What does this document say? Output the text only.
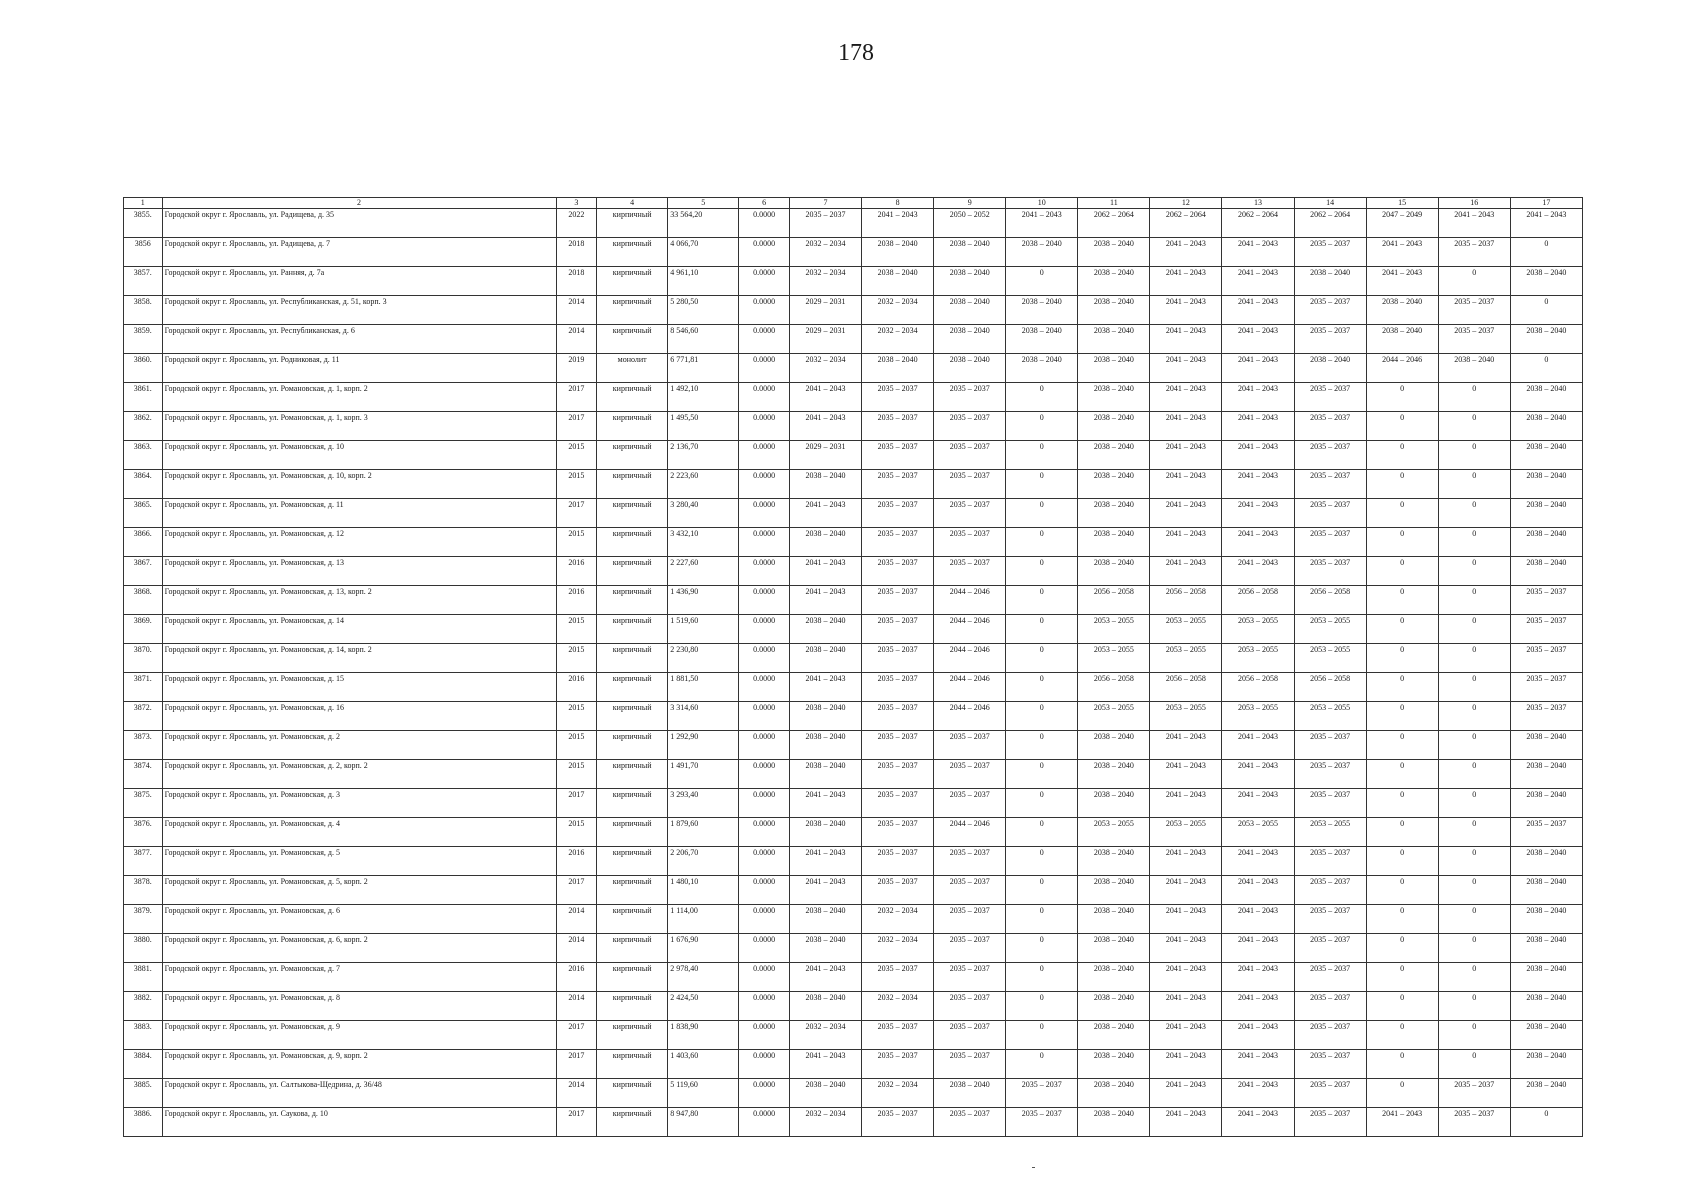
178
1	2	3	4	5	6	7	8	9	10	11	12	13	14	15	16	17
3855.	Городской округ г. Ярославль, ул. Радищева, д. 35	2022	кирпичный	33 564,20	0.0000	2035 – 2037	2041 – 2043	2050 – 2052	2041 – 2043	2062 – 2064	2062 – 2064	2062 – 2064	2062 – 2064	2047 – 2049	2041 – 2043	2041 – 2043
3856	Городской округ г. Ярославль, ул. Радищева, д. 7	2018	кирпичный	4 066,70	0.0000	2032 – 2034	2038 – 2040	2038 – 2040	2038 – 2040	2038 – 2040	2041 – 2043	2041 – 2043	2035 – 2037	2041 – 2043	2035 – 2037	0
3857.	Городской округ г. Ярославль, ул. Ранняя, д. 7а	2018	кирпичный	4 961,10	0.0000	2032 – 2034	2038 – 2040	2038 – 2040	0	2038 – 2040	2041 – 2043	2041 – 2043	2038 – 2040	2041 – 2043	0	2038 – 2040
3858.	Городской округ г. Ярославль, ул. Республиканская, д. 51, корп. 3	2014	кирпичный	5 280,50	0.0000	2029 – 2031	2032 – 2034	2038 – 2040	2038 – 2040	2038 – 2040	2041 – 2043	2041 – 2043	2035 – 2037	2038 – 2040	2035 – 2037	0
3859.	Городской округ г. Ярославль, ул. Республиканская, д. 6	2014	кирпичный	8 546,60	0.0000	2029 – 2031	2032 – 2034	2038 – 2040	2038 – 2040	2038 – 2040	2041 – 2043	2041 – 2043	2035 – 2037	2038 – 2040	2035 – 2037	2038 – 2040
3860.	Городской округ г. Ярославль, ул. Родниковая, д. 11	2019	монолит	6 771,81	0.0000	2032 – 2034	2038 – 2040	2038 – 2040	2038 – 2040	2038 – 2040	2041 – 2043	2041 – 2043	2038 – 2040	2044 – 2046	2038 – 2040	0
3861.	Городской округ г. Ярославль, ул. Романовская, д. 1, корп. 2	2017	кирпичный	1 492,10	0.0000	2041 – 2043	2035 – 2037	2035 – 2037	0	2038 – 2040	2041 – 2043	2041 – 2043	2035 – 2037	0	0	2038 – 2040
3862.	Городской округ г. Ярославль, ул. Романовская, д. 1, корп. 3	2017	кирпичный	1 495,50	0.0000	2041 – 2043	2035 – 2037	2035 – 2037	0	2038 – 2040	2041 – 2043	2041 – 2043	2035 – 2037	0	0	2038 – 2040
3863.	Городской округ г. Ярославль, ул. Романовская, д. 10	2015	кирпичный	2 136,70	0.0000	2029 – 2031	2035 – 2037	2035 – 2037	0	2038 – 2040	2041 – 2043	2041 – 2043	2035 – 2037	0	0	2038 – 2040
3864.	Городской округ г. Ярославль, ул. Романовская, д. 10, корп. 2	2015	кирпичный	2 223,60	0.0000	2038 – 2040	2035 – 2037	2035 – 2037	0	2038 – 2040	2041 – 2043	2041 – 2043	2035 – 2037	0	0	2038 – 2040
3865.	Городской округ г. Ярославль, ул. Романовская, д. 11	2017	кирпичный	3 280,40	0.0000	2041 – 2043	2035 – 2037	2035 – 2037	0	2038 – 2040	2041 – 2043	2041 – 2043	2035 – 2037	0	0	2038 – 2040
3866.	Городской округ г. Ярославль, ул. Романовская, д. 12	2015	кирпичный	3 432,10	0.0000	2038 – 2040	2035 – 2037	2035 – 2037	0	2038 – 2040	2041 – 2043	2041 – 2043	2035 – 2037	0	0	2038 – 2040
3867.	Городской округ г. Ярославль, ул. Романовская, д. 13	2016	кирпичный	2 227,60	0.0000	2041 – 2043	2035 – 2037	2035 – 2037	0	2038 – 2040	2041 – 2043	2041 – 2043	2035 – 2037	0	0	2038 – 2040
3868.	Городской округ г. Ярославль, ул. Романовская, д. 13, корп. 2	2016	кирпичный	1 436,90	0.0000	2041 – 2043	2035 – 2037	2044 – 2046	0	2056 – 2058	2056 – 2058	2056 – 2058	2056 – 2058	0	0	2035 – 2037
3869.	Городской округ г. Ярославль, ул. Романовская, д. 14	2015	кирпичный	1 519,60	0.0000	2038 – 2040	2035 – 2037	2044 – 2046	0	2053 – 2055	2053 – 2055	2053 – 2055	2053 – 2055	0	0	2035 – 2037
3870.	Городской округ г. Ярославль, ул. Романовская, д. 14, корп. 2	2015	кирпичный	2 230,80	0.0000	2038 – 2040	2035 – 2037	2044 – 2046	0	2053 – 2055	2053 – 2055	2053 – 2055	2053 – 2055	0	0	2035 – 2037
3871.	Городской округ г. Ярославль, ул. Романовская, д. 15	2016	кирпичный	1 881,50	0.0000	2041 – 2043	2035 – 2037	2044 – 2046	0	2056 – 2058	2056 – 2058	2056 – 2058	2056 – 2058	0	0	2035 – 2037
3872.	Городской округ г. Ярославль, ул. Романовская, д. 16	2015	кирпичный	3 314,60	0.0000	2038 – 2040	2035 – 2037	2044 – 2046	0	2053 – 2055	2053 – 2055	2053 – 2055	2053 – 2055	0	0	2035 – 2037
3873.	Городской округ г. Ярославль, ул. Романовская, д. 2	2015	кирпичный	1 292,90	0.0000	2038 – 2040	2035 – 2037	2035 – 2037	0	2038 – 2040	2041 – 2043	2041 – 2043	2035 – 2037	0	0	2038 – 2040
3874.	Городской округ г. Ярославль, ул. Романовская, д. 2, корп. 2	2015	кирпичный	1 491,70	0.0000	2038 – 2040	2035 – 2037	2035 – 2037	0	2038 – 2040	2041 – 2043	2041 – 2043	2035 – 2037	0	0	2038 – 2040
3875.	Городской округ г. Ярославль, ул. Романовская, д. 3	2017	кирпичный	3 293,40	0.0000	2041 – 2043	2035 – 2037	2035 – 2037	0	2038 – 2040	2041 – 2043	2041 – 2043	2035 – 2037	0	0	2038 – 2040
3876.	Городской округ г. Ярославль, ул. Романовская, д. 4	2015	кирпичный	1 879,60	0.0000	2038 – 2040	2035 – 2037	2044 – 2046	0	2053 – 2055	2053 – 2055	2053 – 2055	2053 – 2055	0	0	2035 – 2037
3877.	Городской округ г. Ярославль, ул. Романовская, д. 5	2016	кирпичный	2 206,70	0.0000	2041 – 2043	2035 – 2037	2035 – 2037	0	2038 – 2040	2041 – 2043	2041 – 2043	2035 – 2037	0	0	2038 – 2040
3878.	Городской округ г. Ярославль, ул. Романовская, д. 5, корп. 2	2017	кирпичный	1 480,10	0.0000	2041 – 2043	2035 – 2037	2035 – 2037	0	2038 – 2040	2041 – 2043	2041 – 2043	2035 – 2037	0	0	2038 – 2040
3879.	Городской округ г. Ярославль, ул. Романовская, д. 6	2014	кирпичный	1 114,00	0.0000	2038 – 2040	2032 – 2034	2035 – 2037	0	2038 – 2040	2041 – 2043	2041 – 2043	2035 – 2037	0	0	2038 – 2040
3880.	Городской округ г. Ярославль, ул. Романовская, д. 6, корп. 2	2014	кирпичный	1 676,90	0.0000	2038 – 2040	2032 – 2034	2035 – 2037	0	2038 – 2040	2041 – 2043	2041 – 2043	2035 – 2037	0	0	2038 – 2040
3881.	Городской округ г. Ярославль, ул. Романовская, д. 7	2016	кирпичный	2 978,40	0.0000	2041 – 2043	2035 – 2037	2035 – 2037	0	2038 – 2040	2041 – 2043	2041 – 2043	2035 – 2037	0	0	2038 – 2040
3882.	Городской округ г. Ярославль, ул. Романовская, д. 8	2014	кирпичный	2 424,50	0.0000	2038 – 2040	2032 – 2034	2035 – 2037	0	2038 – 2040	2041 – 2043	2041 – 2043	2035 – 2037	0	0	2038 – 2040
3883.	Городской округ г. Ярославль, ул. Романовская, д. 9	2017	кирпичный	1 838,90	0.0000	2032 – 2034	2035 – 2037	2035 – 2037	0	2038 – 2040	2041 – 2043	2041 – 2043	2035 – 2037	0	0	2038 – 2040
3884.	Городской округ г. Ярославль, ул. Романовская, д. 9, корп. 2	2017	кирпичный	1 403,60	0.0000	2041 – 2043	2035 – 2037	2035 – 2037	0	2038 – 2040	2041 – 2043	2041 – 2043	2035 – 2037	0	0	2038 – 2040
3885.	Городской округ г. Ярославль, ул. Салтыкова-Щедрина, д. 36/48	2014	кирпичный	5 119,60	0.0000	2038 – 2040	2032 – 2034	2038 – 2040	2035 – 2037	2038 – 2040	2041 – 2043	2041 – 2043	2035 – 2037	0	2035 – 2037	2038 – 2040
3886.	Городской округ г. Ярославль, ул. Саукова, д. 10	2017	кирпичный	8 947,80	0.0000	2032 – 2034	2035 – 2037	2035 – 2037	2035 – 2037	2038 – 2040	2041 – 2043	2041 – 2043	2035 – 2037	2041 – 2043	2035 – 2037	0
